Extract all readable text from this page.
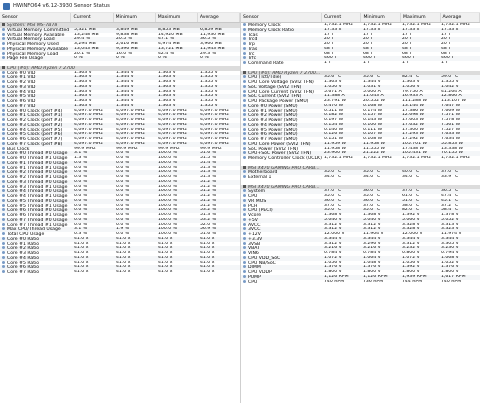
HWiNFO64 v6.12-3930 Sensor Status
Sensor	Current	Minimum	Maximum	Average
System: MSI MS-7B78
Virtual Memory Committed	5,321 MB	3,849 MB	8,853 MB	6,859 MB
Virtual Memory Available	13,248 MB	9,838 MB	14,920 MB	11,930 MB
Virtual Memory Load	29.4 %	20.5 %	47.1 %	36.5 %
Physical Memory Used	3,294 MB	2,616 MB	4,974 MB	3,960 MB
Physical Memory Available	13,043 MB	9,396 MB	13,721 MB	11,943 MB
Physical Memory Load	20.1 %	16.0 %	42.4 %	29.3 %
Page File Usage	0 %	0 %	0 %	0 %
CPU [#0]: AMD Ryzen 7 2700
Core #0 VID	1.363 V	1.344 V	1.363 V	1.355 V
Core #1 VID	1.363 V	1.344 V	1.363 V	1.355 V
Core #2 VID	1.363 V	1.344 V	1.363 V	1.355 V
Core #3 VID	1.363 V	1.344 V	1.363 V	1.355 V
Core #4 VID	1.363 V	1.344 V	1.363 V	1.355 V
Core #5 VID	1.363 V	1.344 V	1.363 V	1.355 V
Core #6 VID	1.363 V	1.344 V	1.363 V	1.355 V
Core #7 VID	1.363 V	1.344 V	1.363 V	1.355 V
Core #0 Clock (perf #4)	4,097.0 MHz	4,097.0 MHz	4,097.0 MHz	4,097.0 MHz
Core #1 Clock (perf #1)	4,097.0 MHz	4,097.0 MHz	4,097.0 MHz	4,097.0 MHz
Core #2 Clock (perf #3)	4,097.0 MHz	4,097.0 MHz	4,097.0 MHz	4,097.0 MHz
Core #3 Clock (perf #2)	4,097.0 MHz	4,097.0 MHz	4,097.0 MHz	4,097.0 MHz
Core #4 Clock (perf #5)	4,097.0 MHz	4,097.0 MHz	4,097.0 MHz	4,097.0 MHz
Core #5 Clock (perf #6)	4,097.0 MHz	4,097.0 MHz	4,097.0 MHz	4,097.0 MHz
Core #6 Clock (perf #7)	4,097.0 MHz	4,097.0 MHz	4,097.0 MHz	4,097.0 MHz
Core #7 Clock (perf #8)	4,097.0 MHz	4,097.0 MHz	4,097.0 MHz	4,097.0 MHz
Bus Clock	99.9 MHz	99.9 MHz	99.9 MHz	99.9 MHz
Core #0 Thread #0 Usage	3.1 %	0.0 %	100.0 %	51.6 %
Core #0 Thread #1 Usage	1.3 %	0.0 %	100.0 %	51.5 %
Core #1 Thread #0 Usage	0.0 %	0.0 %	100.0 %	51.4 %
Core #1 Thread #1 Usage	0.0 %	0.0 %	100.0 %	51.3 %
Core #2 Thread #0 Usage	0.0 %	0.0 %	100.0 %	51.3 %
Core #2 Thread #1 Usage	0.0 %	0.0 %	100.0 %	51.3 %
Core #3 Thread #0 Usage	0.0 %	0.0 %	100.0 %	51.2 %
Core #3 Thread #1 Usage	0.0 %	0.0 %	100.0 %	51.2 %
Core #4 Thread #0 Usage	0.0 %	0.0 %	100.0 %	51.2 %
Core #4 Thread #1 Usage	0.0 %	0.0 %	100.0 %	51.2 %
Core #5 Thread #0 Usage	0.0 %	0.0 %	100.0 %	51.2 %
Core #5 Thread #1 Usage	0.0 %	0.0 %	100.0 %	51.2 %
Core #6 Thread #0 Usage	0.0 %	0.0 %	100.0 %	53.2 %
Core #6 Thread #1 Usage	0.0 %	0.0 %	100.0 %	51.3 %
Core #7 Thread #0 Usage	0.0 %	0.0 %	100.0 %	53.2 %
Core #7 Thread #1 Usage	0.0 %	0.0 %	100.0 %	52.0 %
Max CPU/Thread Usage	3.1 %	1.9 %	100.0 %	56.9 %
Total CPU Usage	0.3 %	0.0 %	100.0 %	51.6 %
Core #0 Ratio	41.0 x	41.0 x	41.0 x	41.0 x
Core #1 Ratio	41.0 x	41.0 x	41.0 x	41.0 x
Core #2 Ratio	41.0 x	41.0 x	41.0 x	41.0 x
Core #3 Ratio	41.0 x	41.0 x	41.0 x	41.0 x
Core #4 Ratio	41.0 x	41.0 x	41.0 x	41.0 x
Core #5 Ratio	41.0 x	41.0 x	41.0 x	41.0 x
Core #6 Ratio	41.0 x	41.0 x	41.0 x	41.0 x
Core #7 Ratio	41.0 x	41.0 x	41.0 x	41.0 x
Sensor	Current	Minimum	Maximum	Average
Memory Clock	1,732.1 MHz	1,732.1 MHz	1,732.1 MHz	1,732.1 MHz
Memory Clock Ratio	17.33 x	17.33 x	17.33 x	17.33 x
Tcas	17 T	17 T	17 T	17 T
Trcd	20 T	20 T	20 T	20 T
Trp	20 T	20 T	20 T	20 T
Tras	48 T	48 T	48 T	48 T
Trc	68 T	68 T	68 T	68 T
Trfc	460 T	460 T	460 T	460 T
Command Rate	1 T	1 T	1 T	1 T
CPU [#0]: AMD Ryzen 7 2700...
CPU (Tctl/Tdie)	35.6 °C	35.6 °C	82.4 °C	59.0 °C
CPU Core Voltage (SVI2 TFN)	1.363 V	1.344 V	1.363 V	1.355 V
SoC Voltage (SVI2 TFN)	1.050 V	1.031 V	1.056 V	1.042 V
CPU Core Current (SVI2 TFN)	5.671 A	5.000 A	79.750 A	41.264 A
SoC Current (SVI2 TFN)	11.388 A	11.043 A	16.933 A	12.866 A
CPU Package Power (SMU)	23.791 W	20.552 W	111.288 W	113.107 W
Core #0 Power (SMU)	0.470 W	0.168 W	13.144 W	7.647 W
Core #1 Power (SMU)	0.511 W	0.174 W	17.386 W	7.669 W
Core #2 Power (SMU)	0.182 W	0.157 W	12.698 W	7.571 W
Core #3 Power (SMU)	0.197 W	0.143 W	17.603 W	7.578 W
Core #4 Power (SMU)	0.154 W	0.100 W	17.632 W	7.561 W
Core #5 Power (SMU)	0.140 W	0.111 W	17.300 W	7.527 W
Core #6 Power (SMU)	0.126 W	0.107 W	17.293 W	7.633 W
Core #7 Power (SMU)	0.151 W	0.108 W	17.292 W	7.634 W
CPU Core Power (SVI2 TFN)	11.959 W	11.958 W	105.701 W	55.853 W
SoC Power (SVI2 TFN)	11.958 W	11.555 W	17.438 W	13.338 W
CPU+SoC Power (SVI2 TFN)	23.900 W	21.222 W	105.431 W	70.155 W
Memory Controller Clock (UCLK) 1,732.1 MHz	1,732.1 MHz	1,732.1 MHz	1,732.1 MHz
MSI X470 GAMING PRO CARB...
Motherboard	35.0 °C	35.0 °C	40.0 °C	37.0 °C
External 1	34.0 °C	34.0 °C	34.0 °C	33.9 °C
MSI X470 GAMING PRO CARB...
System	37.0 °C	36.0 °C	37.0 °C	36.5 °C
CPU	35.0 °C	35.0 °C	61.0 °C	47.4 °C
VR MOS	36.0 °C	36.0 °C	51.0 °C	45.1 °C
PCH	37.0 °C	37.0 °C	38.0 °C	37.2 °C
CPU (PECI)	35.0 °C	35.0 °C	82.0 °C	58.4 °C
Vcore	1.368 V	1.368 V	1.392 V	1.378 V
+5V	5.040 V	5.040 V	5.060 V	5.052 V
AVCC	3.312 V	3.312 V	3.328 V	3.313 V
3VCC	3.312 V	3.312 V	3.328 V	3.323 V
+12V	12.000 V	11.904 V	12.000 V	11.974 V
+3.3V	3.344 V	3.344 V	3.344 V	3.344 V
3VSB	3.312 V	3.296 V	3.312 V	3.305 V
VBAT	3.216 V	3.216 V	3.232 V	3.230 V
VIN6	0.784 V	0.784 V	0.800 V	0.794 V
CPU VDD_SoC	1.072 V	1.064 V	1.072 V	1.068 V
CPU NB/SoC	1.056 V	1.048 V	1.056 V	1.052 V
DIMM	1.376 V	1.376 V	1.392 V	1.376 V
CPU VDDP	1.800 V	1.800 V	1.800 V	1.800 V
PUMP	1,126 RPM	1,126 RPM	1,939 RPM	1,617 RPM
CPU	740 RPM	736 RPM	744 RPM	740 RPM
